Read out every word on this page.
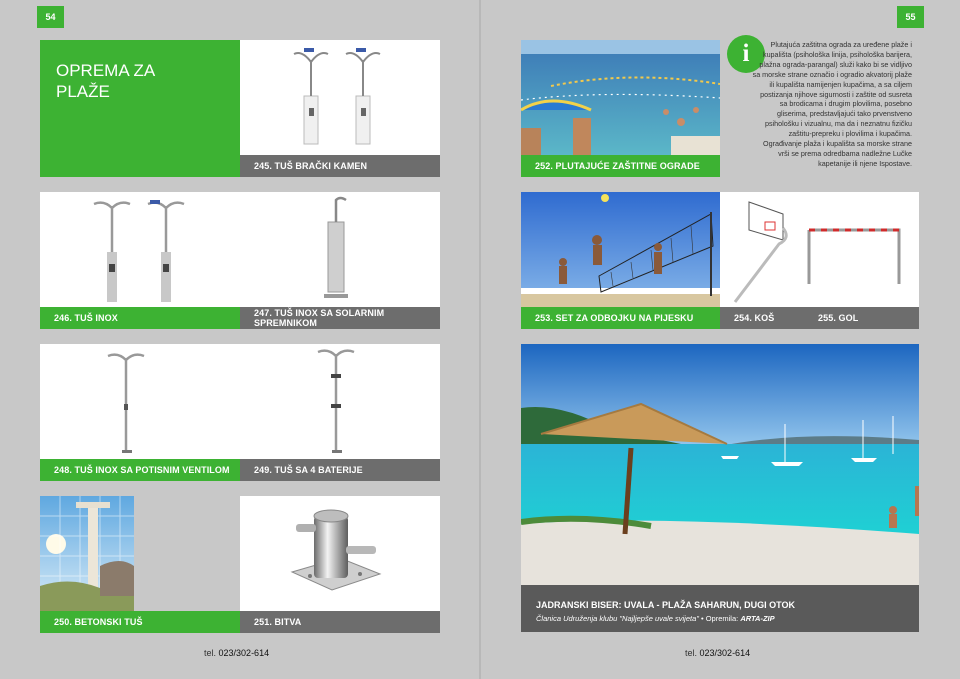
54	55
OPREMA ZA
PLAŽE
245. TUŠ BRAČKI KAMEN
246. TUŠ INOX	247. TUŠ INOX SA SOLARNIM SPREMNIKOM
248. TUŠ INOX SA POTISNIM VENTILOM	249. TUŠ SA 4 BATERIJE
250. BETONSKI TUŠ	251. BITVA
tel. 023/302-614
252. PLUTAJUĆE ZAŠTITNE OGRADE
i	Plutajuća zaštitna ograda za uređene plaže i kupališta (psihološka linija, psihološka barijera, plažna ograda-parangal) služi kako bi se vidljivo sa morske strane označio i ogradio akvatorij plaže ili kupališta namijenjen kupačima, a sa ciljem postizanja njihove sigurnosti i zaštite od susreta sa brodicama i drugim plovilima, posebno gliserima, predstavljajući tako prvenstveno psihološku i vizualnu, ma da i neznatnu fizičku zaštitu-prepreku i plovilima i kupačima. Ograđivanje plaža i kupališta sa morske strane vrši se prema odredbama nadležne Lučke kapetanije ili njene Ispostave.
253. SET ZA ODBOJKU NA PIJESKU	254. KOŠ	255. GOL
JADRANSKI BISER: UVALA - PLAŽA SAHARUN, DUGI OTOK
Članica Udruženja klubu "Najljepše uvale svijeta" • Opremila: ARTA-ZIP
tel. 023/302-614
